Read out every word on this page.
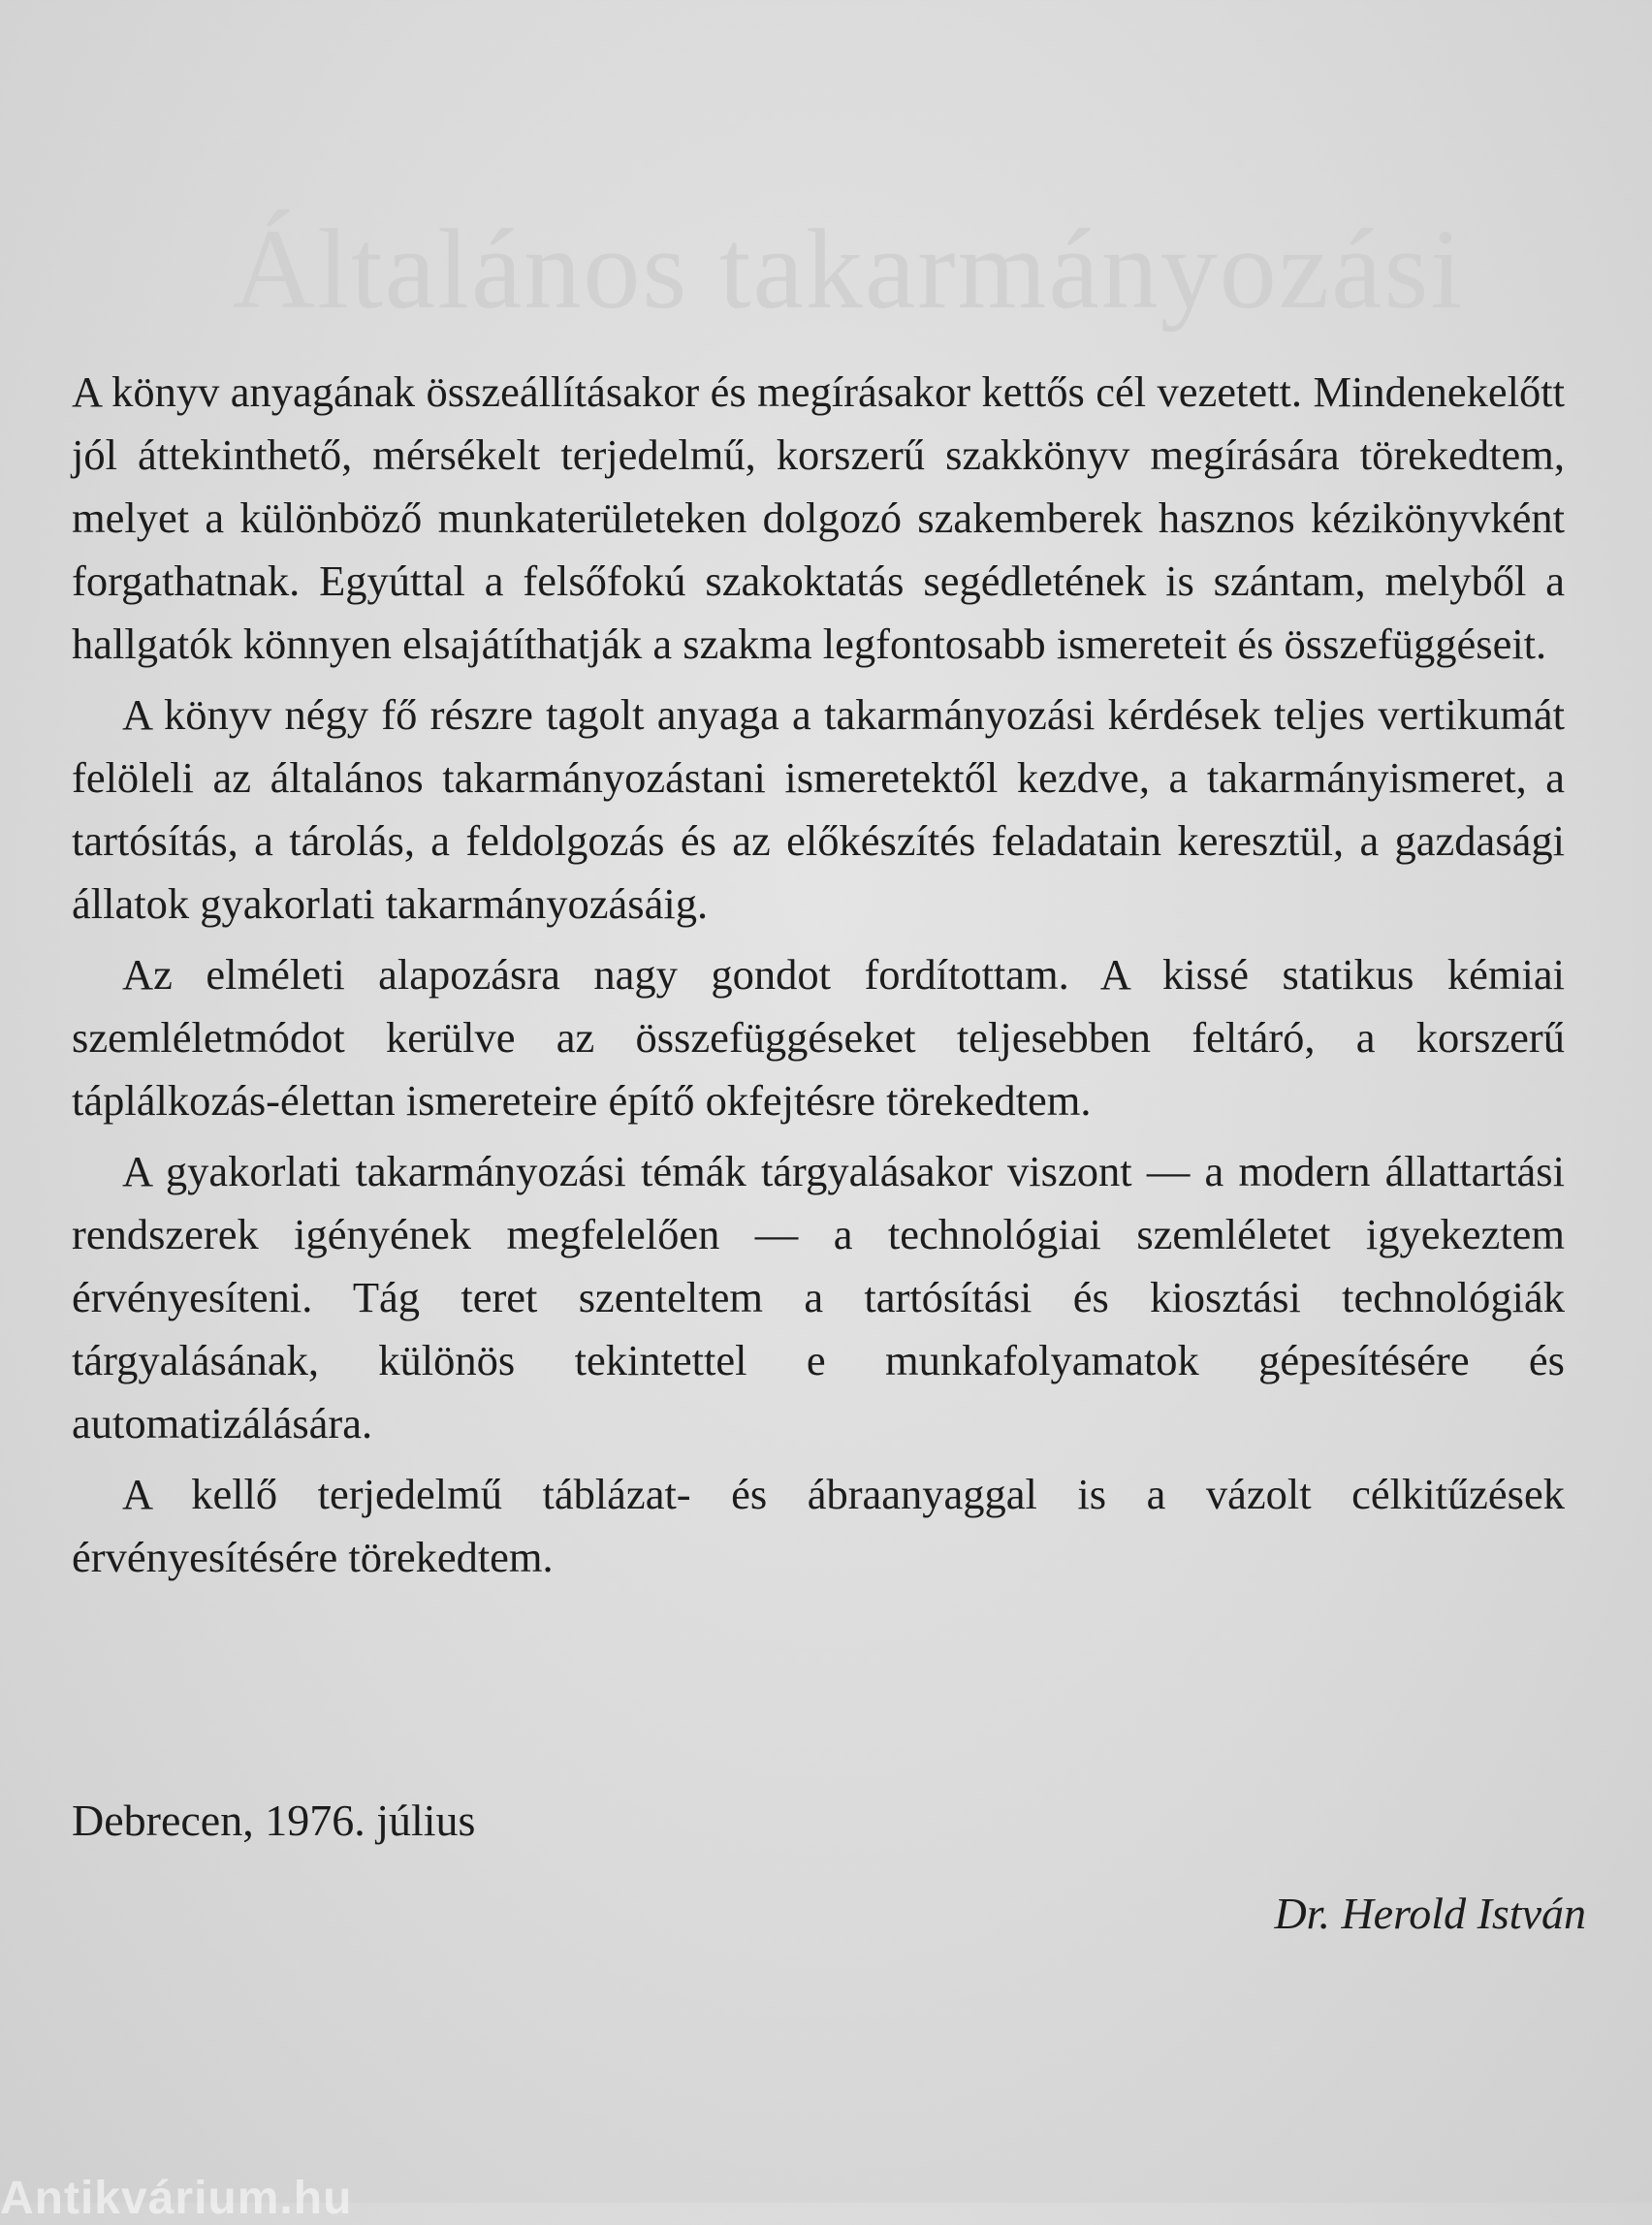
Általános takarmányozási

A könyv anyagának összeállításakor és megírásakor kettős cél vezetett. Mindenekelőtt jól áttekinthető, mérsékelt terjedelmű, korszerű szakkönyv megírására törekedtem, melyet a különböző munkaterületeken dolgozó szakemberek hasznos kézikönyvként forgathatnak. Egyúttal a felsőfokú szakoktatás segédletének is szántam, melyből a hallgatók könnyen elsajátíthatják a szakma legfontosabb ismereteit és összefüggéseit.

A könyv négy fő részre tagolt anyaga a takarmányozási kérdések teljes vertikumát felöleli az általános takarmányozástani ismeretektől kezdve, a takarmányismeret, a tartósítás, a tárolás, a feldolgozás és az előkészítés feladatain keresztül, a gazdasági állatok gyakorlati takarmányozásáig.

Az elméleti alapozásra nagy gondot fordítottam. A kissé statikus kémiai szemléletmódot kerülve az összefüggéseket teljesebben feltáró, a korszerű táplálkozás-élettan ismereteire építő okfejtésre törekedtem.

A gyakorlati takarmányozási témák tárgyalásakor viszont — a modern állattartási rendszerek igényének megfelelően — a technológiai szemléletet igyekeztem érvényesíteni. Tág teret szenteltem a tartósítási és kiosztási technológiák tárgyalásának, különös tekintettel e munkafolyamatok gépesítésére és automatizálására.

A kellő terjedelmű táblázat- és ábraanyaggal is a vázolt célkitűzések érvényesítésére törekedtem.

Debrecen, 1976. július
Dr. Herold István
Antikvárium.hu
